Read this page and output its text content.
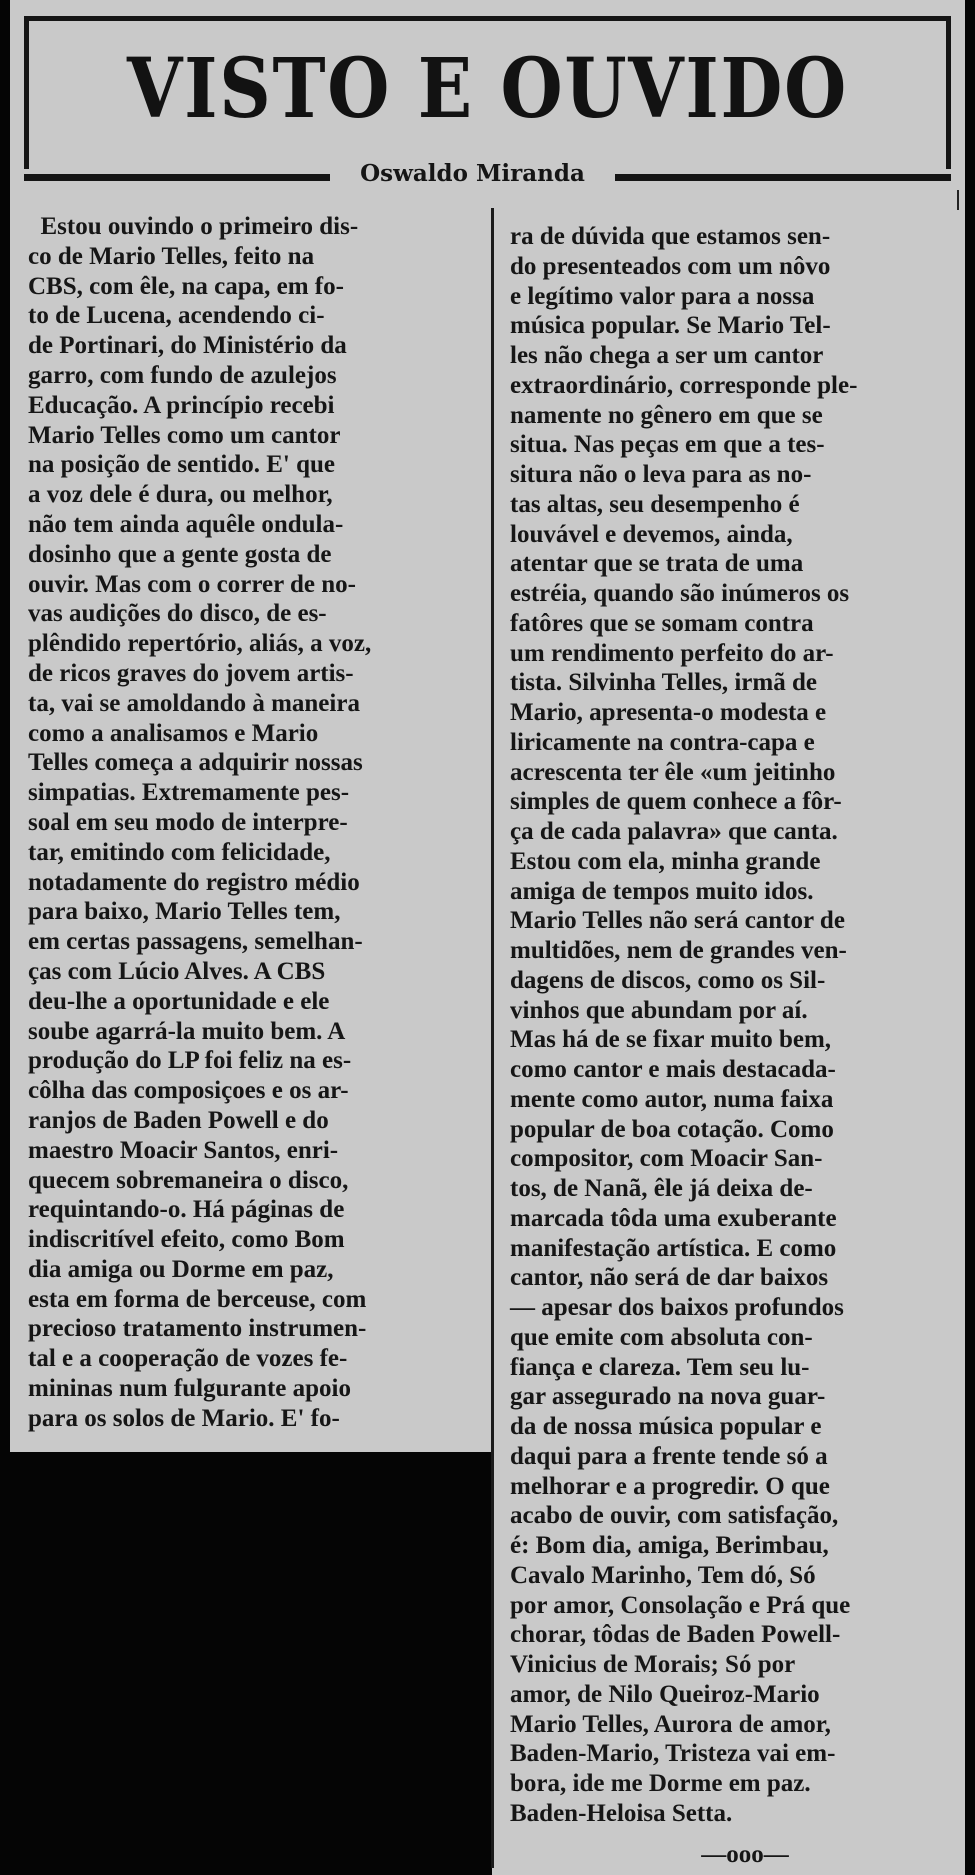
VISTO E OUVIDO
Oswaldo Miranda
Estou ouvindo o primeiro dis-
co de Mario Telles, feito na
CBS, com êle, na capa, em fo-
to de Lucena, acendendo ci-
de Portinari, do Ministério da
garro, com fundo de azulejos
Educação. A princípio recebi
Mario Telles como um cantor
na posição de sentido. E' que
a voz dele é dura, ou melhor,
não tem ainda aquêle ondula-
dosinho que a gente gosta de
ouvir. Mas com o correr de no-
vas audições do disco, de es-
plêndido repertório, aliás, a voz,
de ricos graves do jovem artis-
ta, vai se amoldando à maneira
como a analisamos e Mario
Telles começa a adquirir nossas
simpatias. Extremamente pes-
soal em seu modo de interpre-
tar, emitindo com felicidade,
notadamente do registro médio
para baixo, Mario Telles tem,
em certas passagens, semelhan-
ças com Lúcio Alves. A CBS
deu-lhe a oportunidade e ele
soube agarrá-la muito bem. A
produção do LP foi feliz na es-
côlha das composiçoes e os ar-
ranjos de Baden Powell e do
maestro Moacir Santos, enri-
quecem sobremaneira o disco,
requintando-o. Há páginas de
indiscritível efeito, como Bom
dia amiga ou Dorme em paz,
esta em forma de berceuse, com
precioso tratamento instrumen-
tal e a cooperação de vozes fe-
mininas num fulgurante apoio
para os solos de Mario. E' fo-
ra de dúvida que estamos sen-
do presenteados com um nôvo
e legítimo valor para a nossa
música popular. Se Mario Tel-
les não chega a ser um cantor
extraordinário, corresponde ple-
namente no gênero em que se
situa. Nas peças em que a tes-
situra não o leva para as no-
tas altas, seu desempenho é
louvável e devemos, ainda,
atentar que se trata de uma
estréia, quando são inúmeros os
fatôres que se somam contra
um rendimento perfeito do ar-
tista. Silvinha Telles, irmã de
Mario, apresenta-o modesta e
liricamente na contra-capa e
acrescenta ter êle «um jeitinho
simples de quem conhece a fôr-
ça de cada palavra» que canta.
Estou com ela, minha grande
amiga de tempos muito idos.
Mario Telles não será cantor de
multidões, nem de grandes ven-
dagens de discos, como os Sil-
vinhos que abundam por aí.
Mas há de se fixar muito bem,
como cantor e mais destacada-
mente como autor, numa faixa
popular de boa cotação. Como
compositor, com Moacir San-
tos, de Nanã, êle já deixa de-
marcada tôda uma exuberante
manifestação artística. E como
cantor, não será de dar baixos
— apesar dos baixos profundos
que emite com absoluta con-
fiança e clareza. Tem seu lu-
gar assegurado na nova guar-
da de nossa música popular e
daqui para a frente tende só a
melhorar e a progredir. O que
acabo de ouvir, com satisfação,
é: Bom dia, amiga, Berimbau,
Cavalo Marinho, Tem dó, Só
por amor, Consolação e Prá que
chorar, tôdas de Baden Powell-
Vinicius de Morais; Só por
amor, de Nilo Queiroz-Mario
Mario Telles, Aurora de amor,
Baden-Mario, Tristeza vai em-
bora, ide me Dorme em paz.
Baden-Heloisa Setta.
—ooo—
